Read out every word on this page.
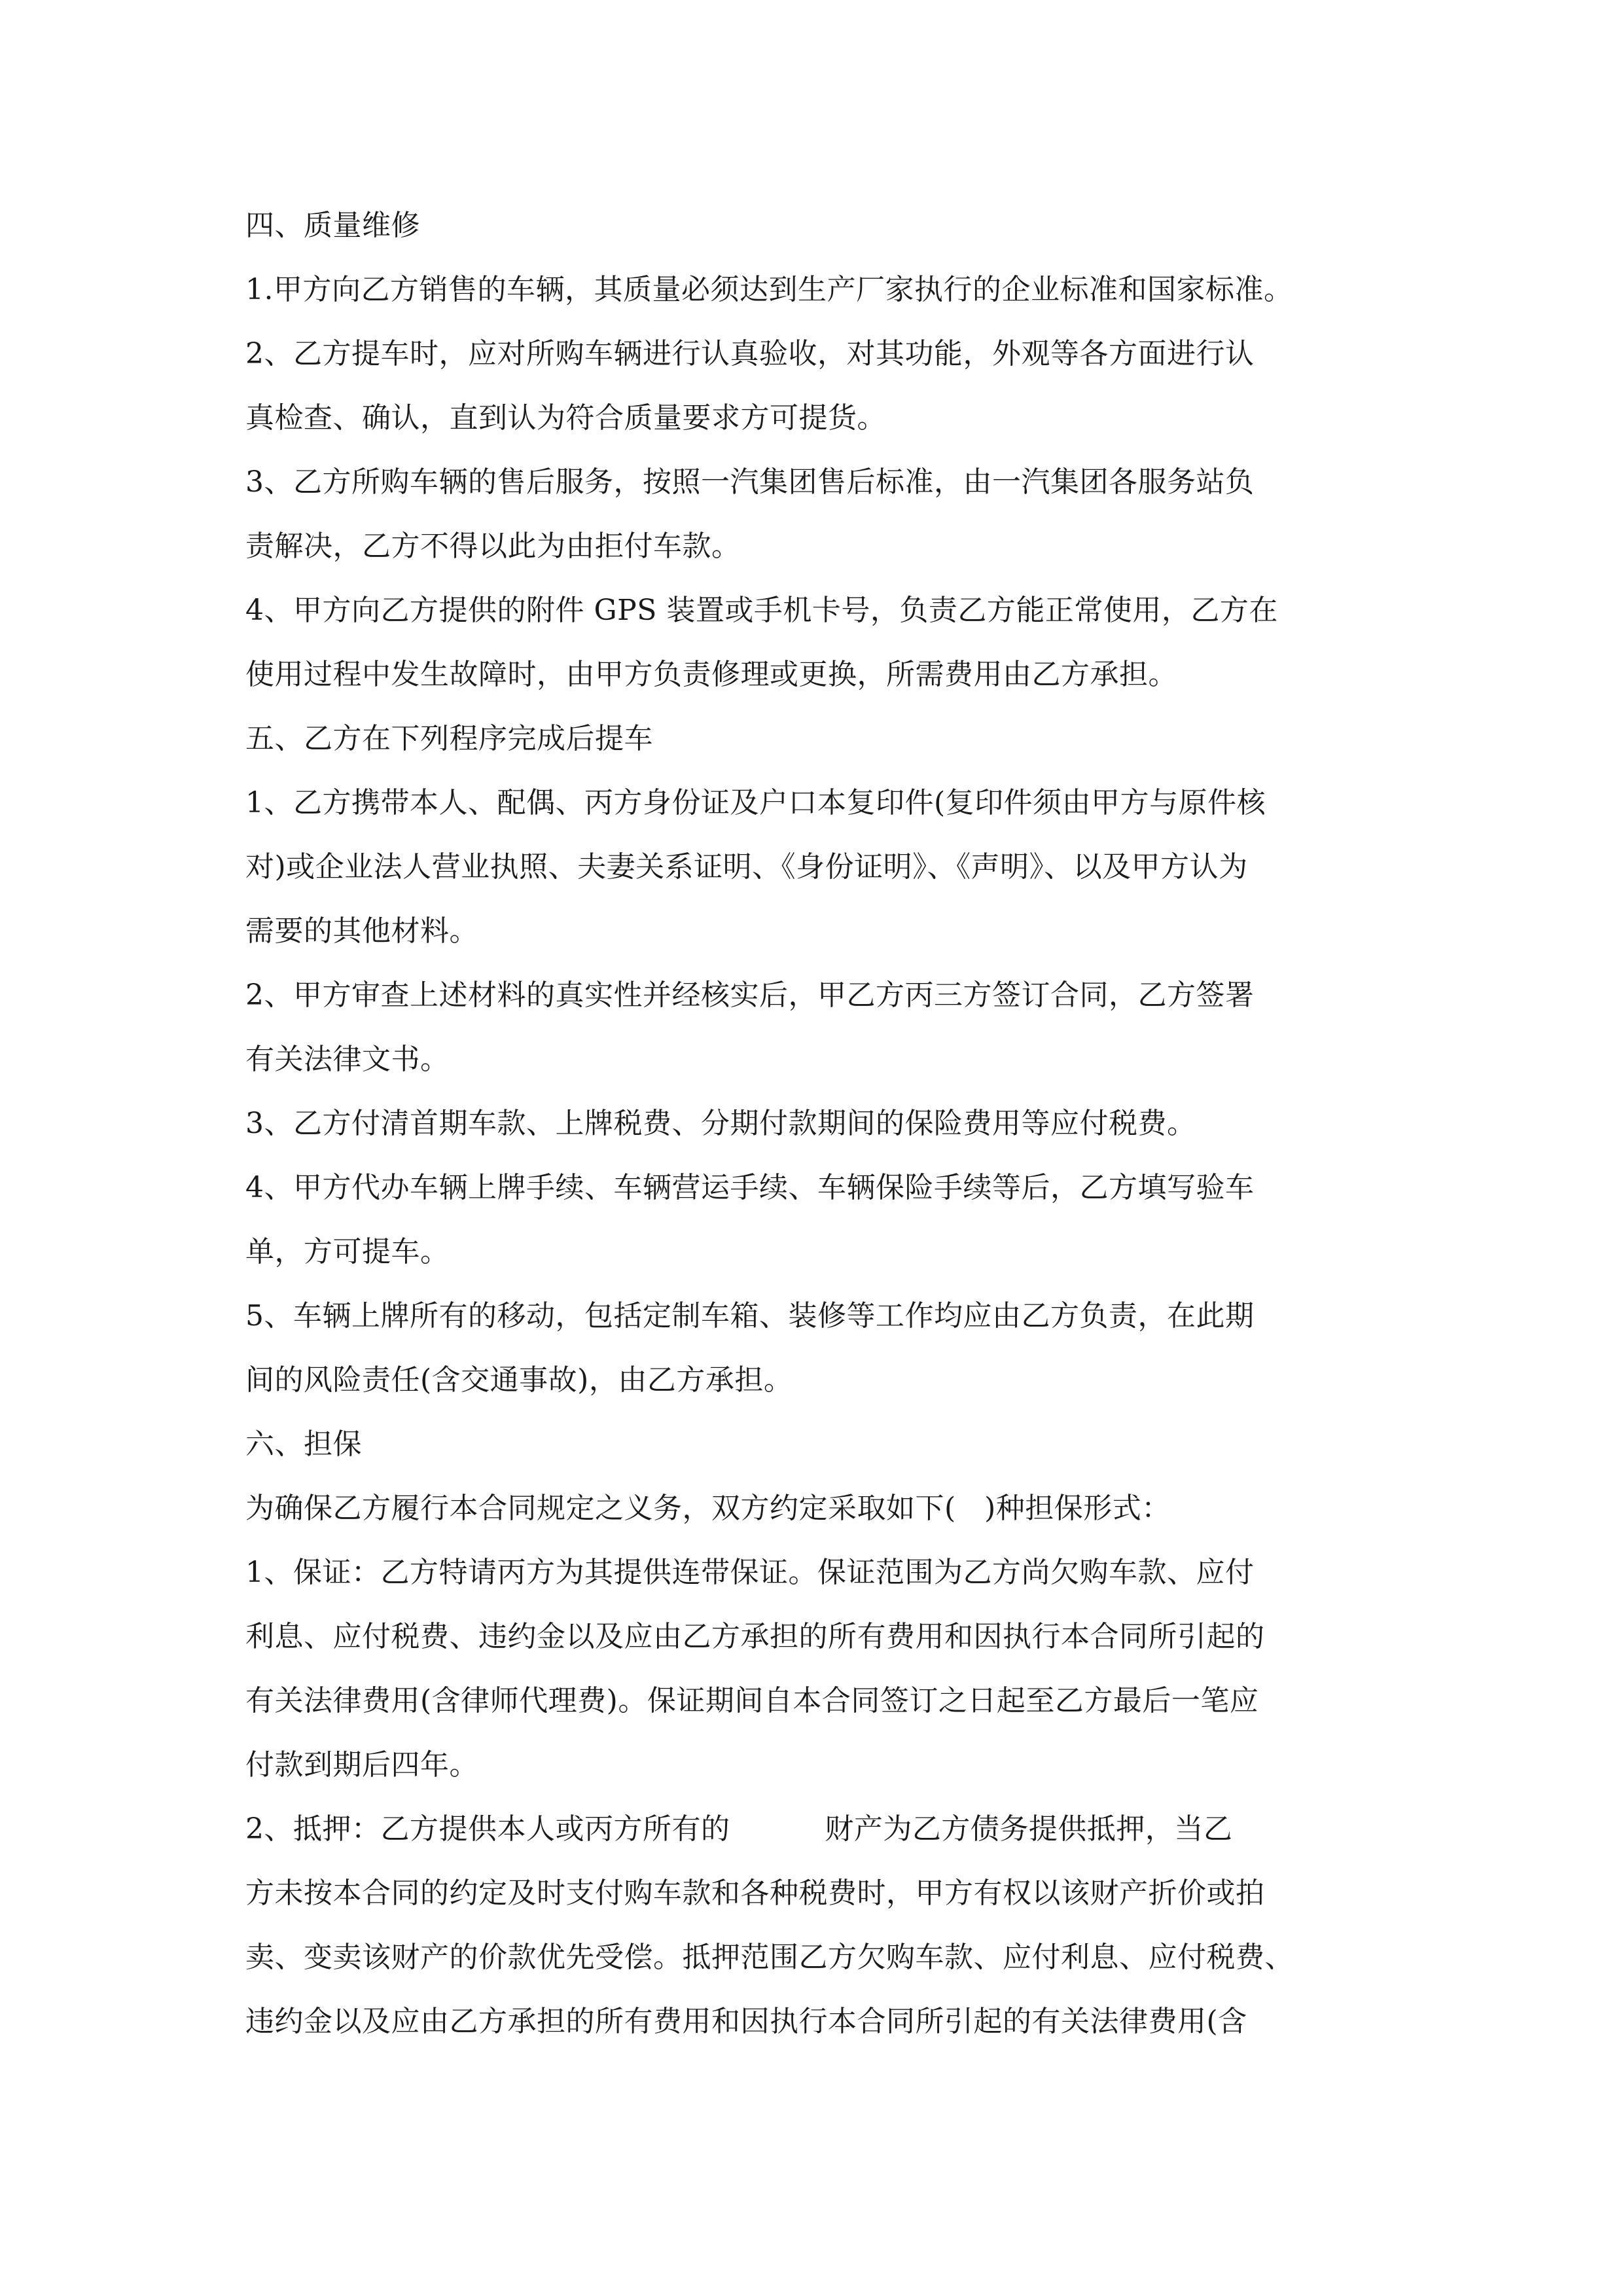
四、质量维修
1.甲方向乙方销售的车辆，其质量必须达到生产厂家执行的企业标准和国家标准。
2、乙方提车时，应对所购车辆进行认真验收，对其功能，外观等各方面进行认
真检查、确认，直到认为符合质量要求方可提货。
3、乙方所购车辆的售后服务，按照一汽集团售后标准，由一汽集团各服务站负
责解决，乙方不得以此为由拒付车款。
4、甲方向乙方提供的附件 GPS 装置或手机卡号，负责乙方能正常使用，乙方在
使用过程中发生故障时，由甲方负责修理或更换，所需费用由乙方承担。
五、乙方在下列程序完成后提车
1、乙方携带本人、配偶、丙方身份证及户口本复印件(复印件须由甲方与原件核
对)或企业法人营业执照、夫妻关系证明、《身份证明》、《声明》、以及甲方认为
需要的其他材料。
2、甲方审查上述材料的真实性并经核实后，甲乙方丙三方签订合同，乙方签署
有关法律文书。
3、乙方付清首期车款、上牌税费、分期付款期间的保险费用等应付税费。
4、甲方代办车辆上牌手续、车辆营运手续、车辆保险手续等后，乙方填写验车
单，方可提车。
5、车辆上牌所有的移动，包括定制车箱、装修等工作均应由乙方负责，在此期
间的风险责任(含交通事故)，由乙方承担。
六、担保
为确保乙方履行本合同规定之义务，双方约定采取如下(   )种担保形式：
1、保证：乙方特请丙方为其提供连带保证。保证范围为乙方尚欠购车款、应付
利息、应付税费、违约金以及应由乙方承担的所有费用和因执行本合同所引起的
有关法律费用(含律师代理费)。保证期间自本合同签订之日起至乙方最后一笔应
付款到期后四年。
2、抵押：乙方提供本人或丙方所有的          财产为乙方债务提供抵押，当乙
方未按本合同的约定及时支付购车款和各种税费时，甲方有权以该财产折价或拍
卖、变卖该财产的价款优先受偿。抵押范围乙方欠购车款、应付利息、应付税费、
违约金以及应由乙方承担的所有费用和因执行本合同所引起的有关法律费用(含
